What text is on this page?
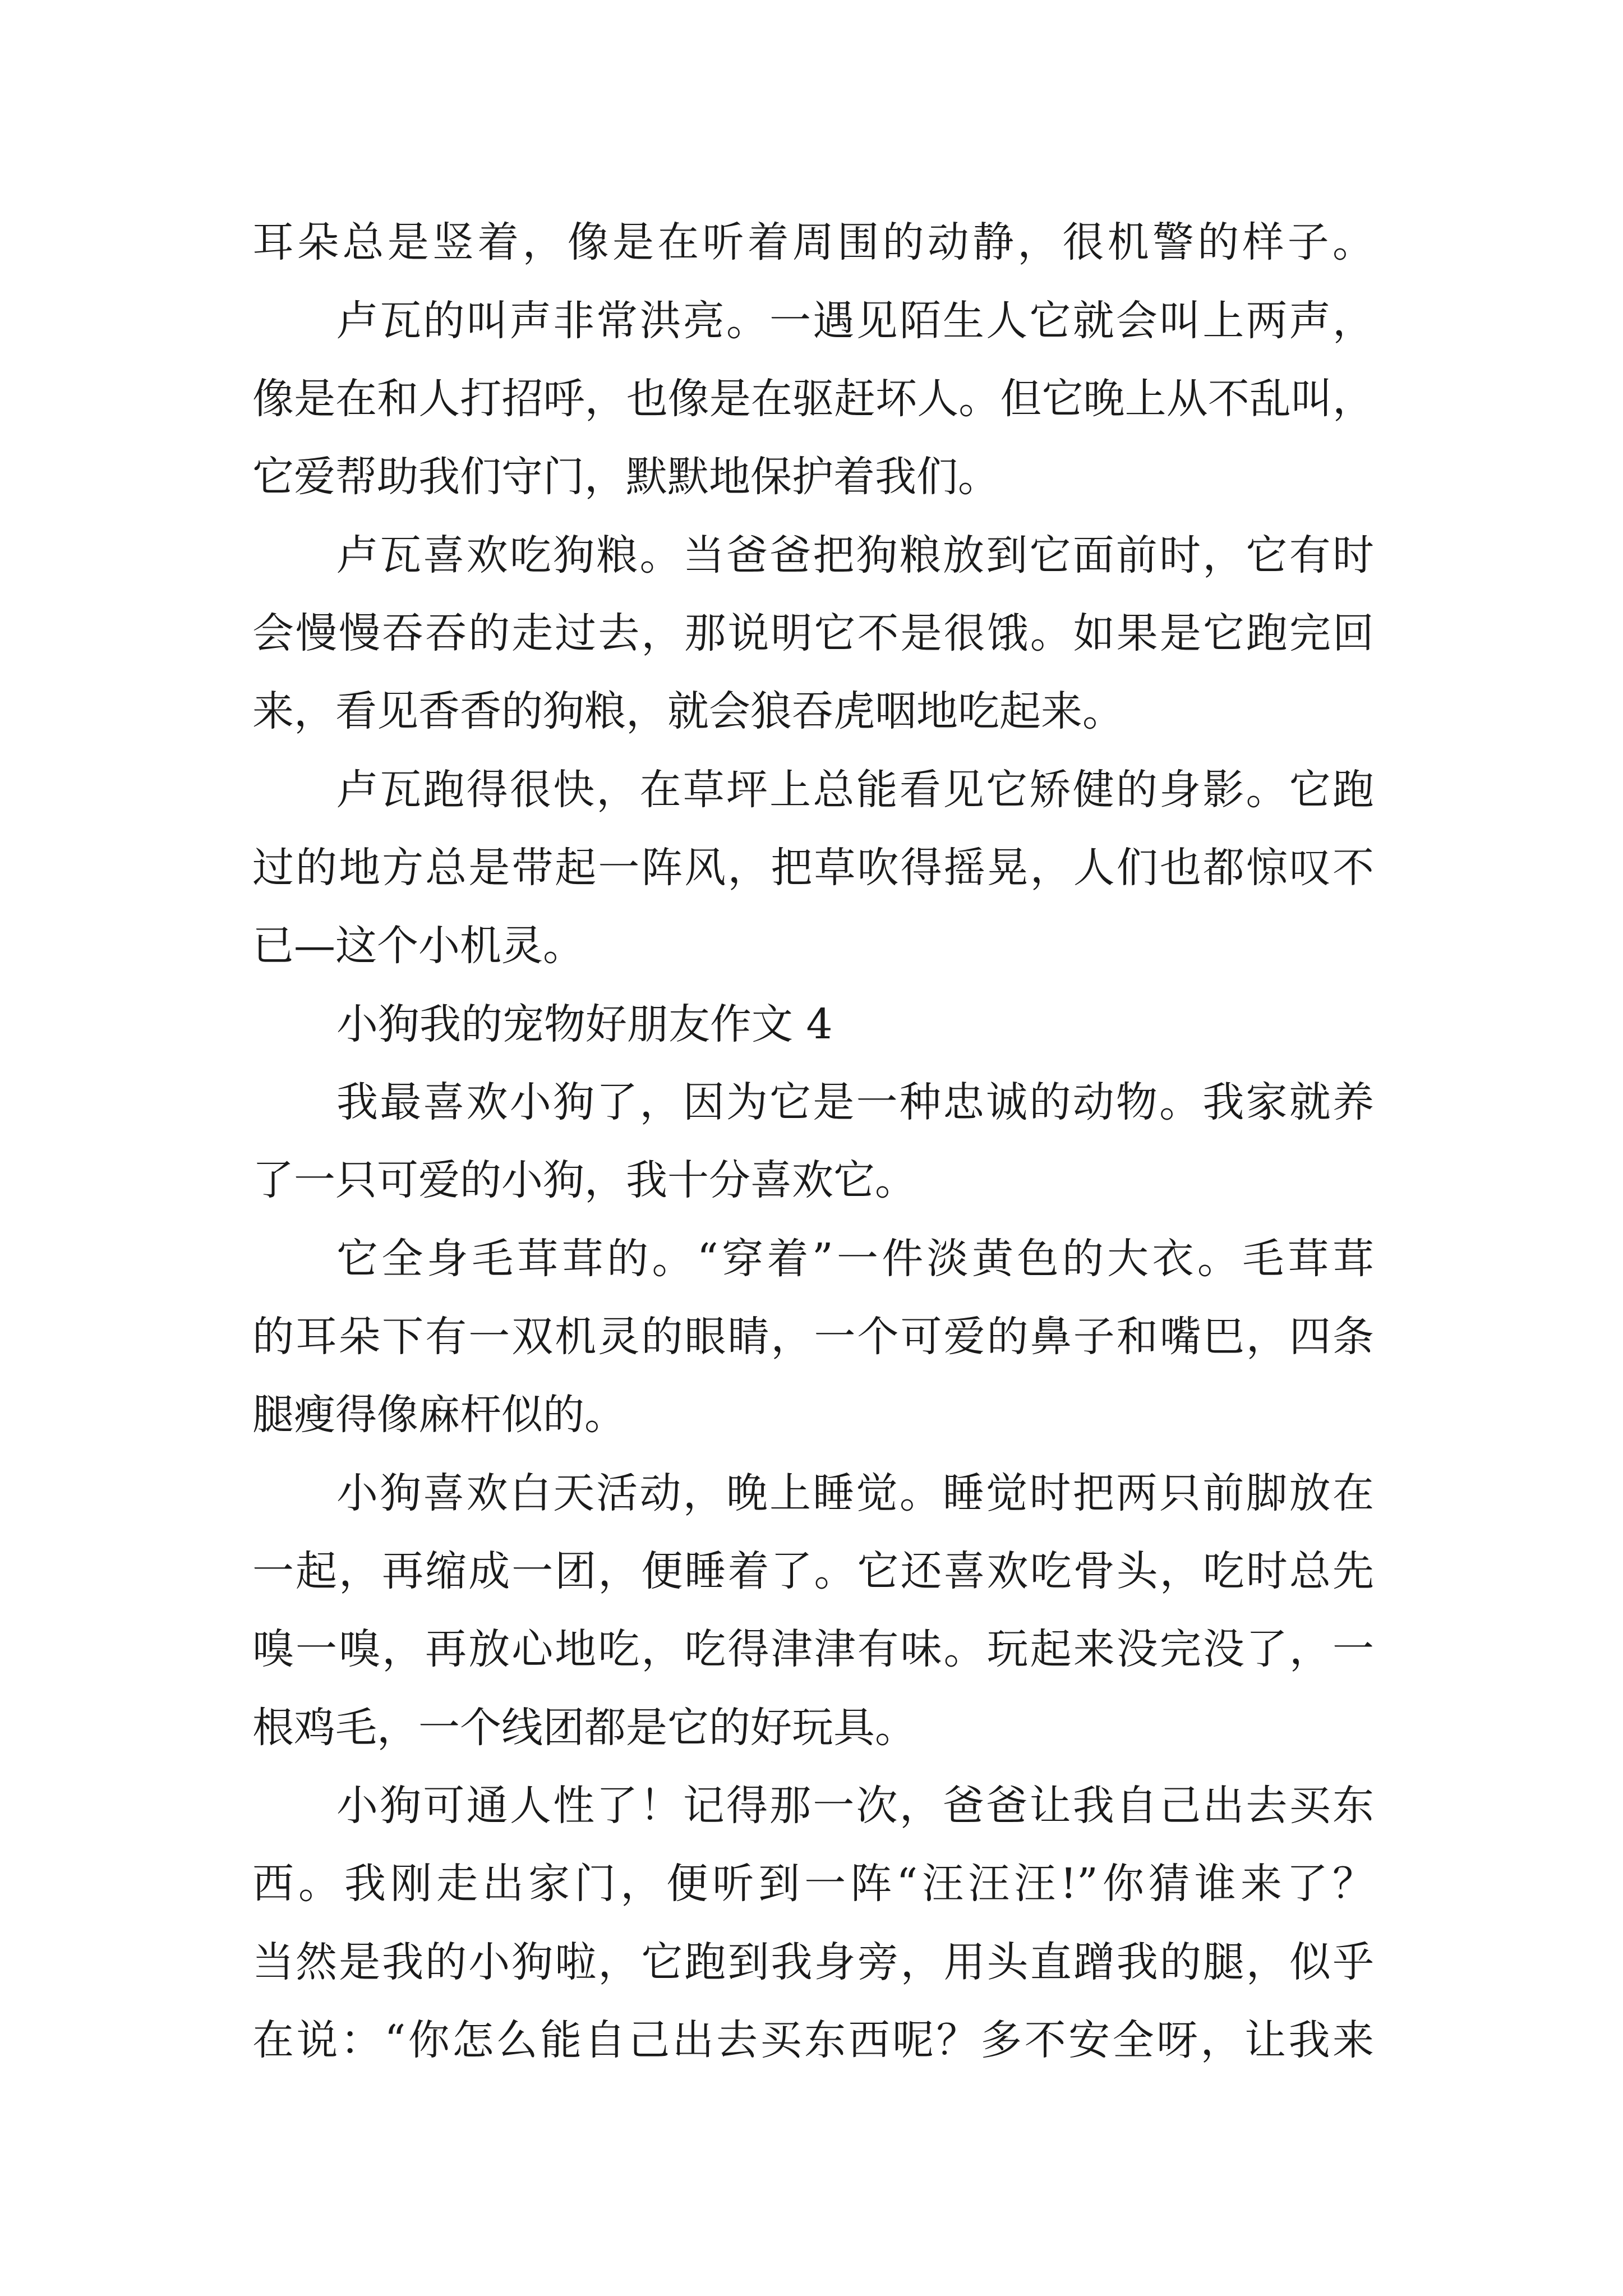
耳朵总是竖着，像是在听着周围的动静，很机警的样子。
卢瓦的叫声非常洪亮。一遇见陌生人它就会叫上两声，
像是在和人打招呼，也像是在驱赶坏人。但它晚上从不乱叫，
它爱帮助我们守门，默默地保护着我们。
卢瓦喜欢吃狗粮。当爸爸把狗粮放到它面前时，它有时
会慢慢吞吞的走过去，那说明它不是很饿。如果是它跑完回
来，看见香香的狗粮，就会狼吞虎咽地吃起来。
卢瓦跑得很快，在草坪上总能看见它矫健的身影。它跑
过的地方总是带起一阵风，把草吹得摇晃，人们也都惊叹不
已—这个小机灵。
小狗我的宠物好朋友作文 4
我最喜欢小狗了，因为它是一种忠诚的动物。我家就养
了一只可爱的小狗，我十分喜欢它。
它全身毛茸茸的。“穿着”一件淡黄色的大衣。毛茸茸
的耳朵下有一双机灵的眼睛，一个可爱的鼻子和嘴巴，四条
腿瘦得像麻杆似的。
小狗喜欢白天活动，晚上睡觉。睡觉时把两只前脚放在
一起，再缩成一团，便睡着了。它还喜欢吃骨头，吃时总先
嗅一嗅，再放心地吃，吃得津津有味。玩起来没完没了，一
根鸡毛，一个线团都是它的好玩具。
小狗可通人性了！记得那一次，爸爸让我自己出去买东
西。我刚走出家门，便听到一阵“汪汪汪!”你猜谁来了？
当然是我的小狗啦，它跑到我身旁，用头直蹭我的腿，似乎
在说：“你怎么能自己出去买东西呢？多不安全呀，让我来
